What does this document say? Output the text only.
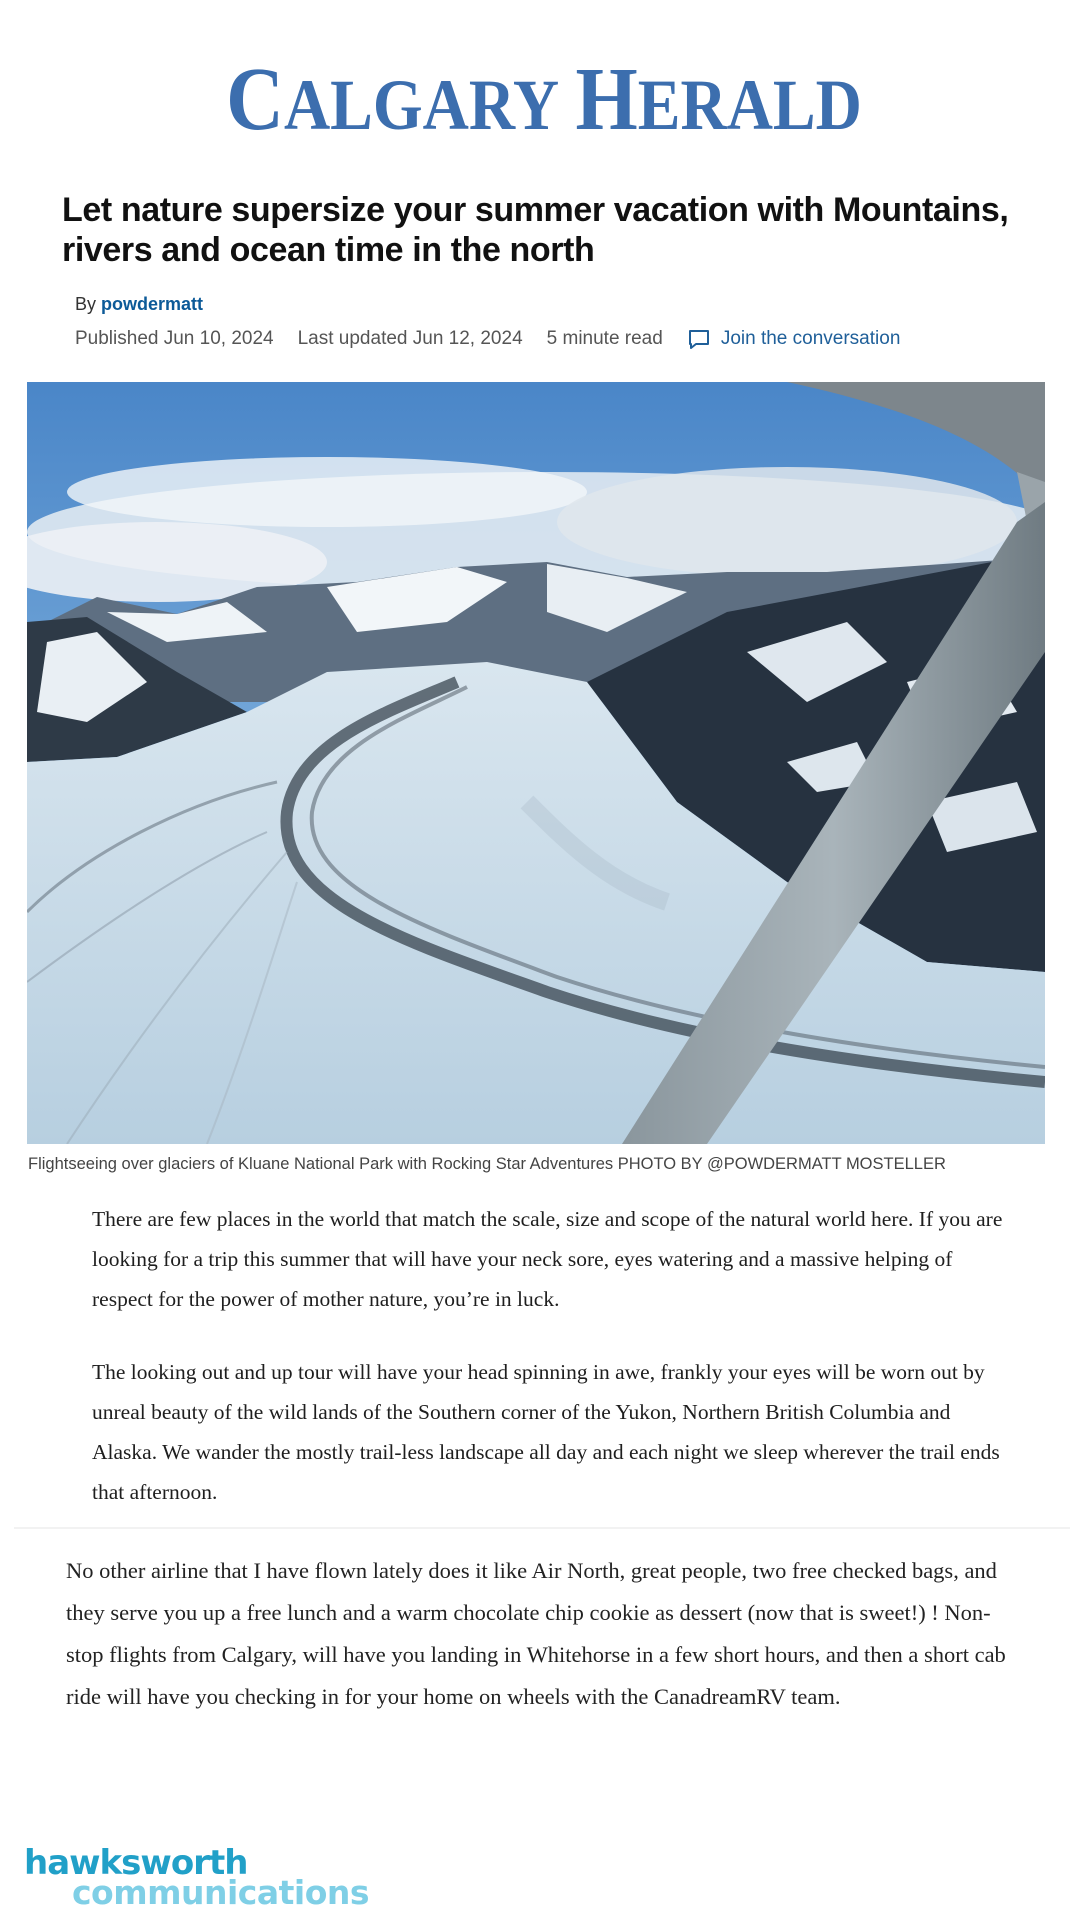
CALGARY HERALD
Let nature supersize your summer vacation with Mountains, rivers and ocean time in the north
By powdermatt
Published Jun 10, 2024 Last updated Jun 12, 2024 5 minute read	Join the conversation
Flightseeing over glaciers of Kluane National Park with Rocking Star Adventures PHOTO BY @POWDERMATT MOSTELLER

There are few places in the world that match the scale, size and scope of the natural world here. If you are looking for a trip this summer that will have your neck sore, eyes watering and a massive helping of respect for the power of mother nature, you’re in luck.

The looking out and up tour will have your head spinning in awe, frankly your eyes will be worn out by unreal beauty of the wild lands of the Southern corner of the Yukon, Northern British Columbia and Alaska. We wander the mostly trail-less landscape all day and each night we sleep wherever the trail ends that afternoon.

No other airline that I have flown lately does it like Air North, great people, two free checked bags, and they serve you up a free lunch and a warm chocolate chip cookie as dessert (now that is sweet!) ! Non-stop flights from Calgary, will have you landing in Whitehorse in a few short hours, and then a short cab ride will have you checking in for your home on wheels with the CanadreamRV team.

hawksworth
communications
